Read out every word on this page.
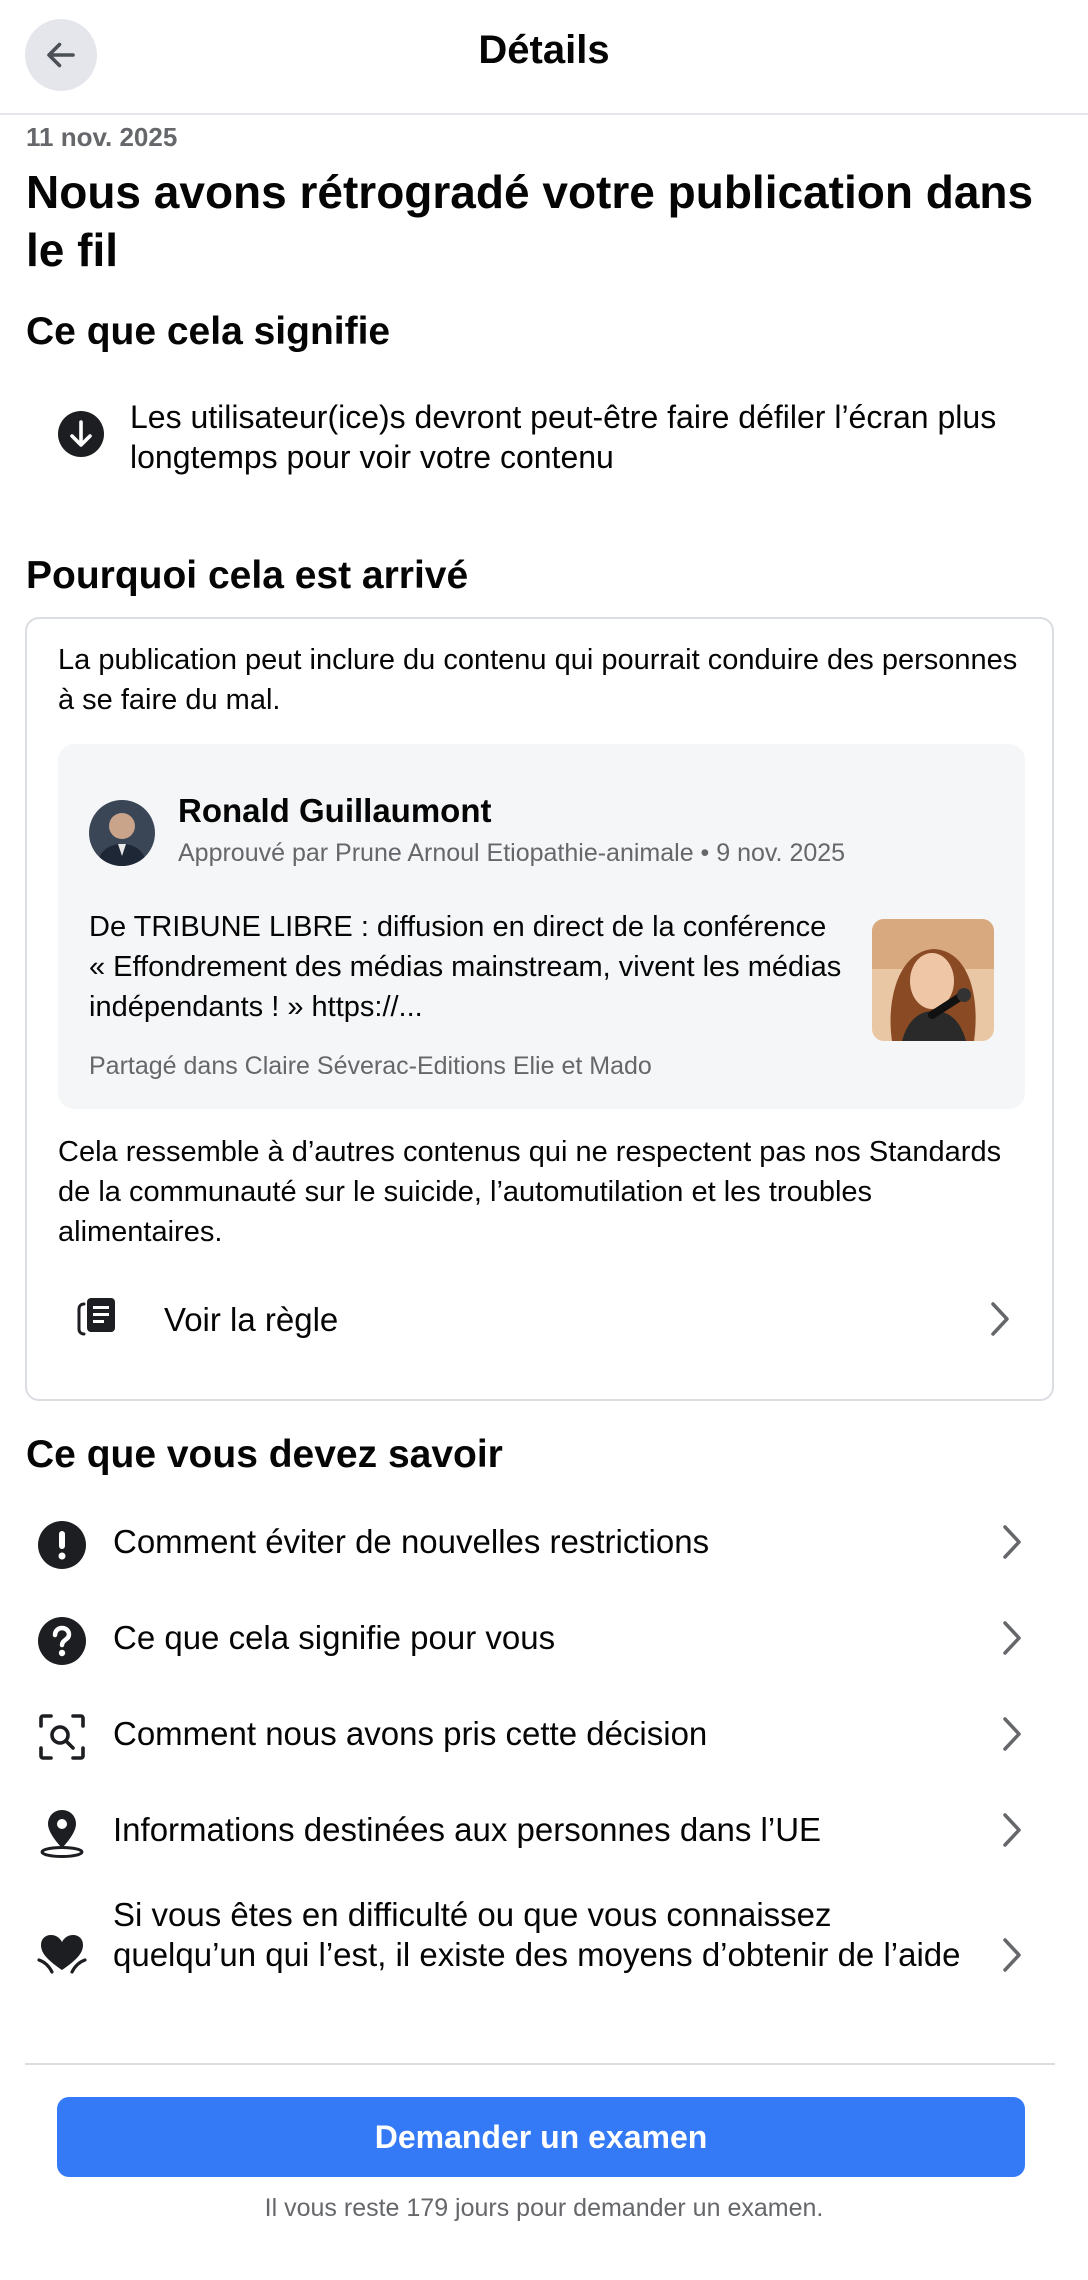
Détails
11 nov. 2025
Nous avons rétrogradé votre publication dans le fil
Ce que cela signifie
Les utilisateur(ice)s devront peut-être faire défiler l’écran plus longtemps pour voir votre contenu
Pourquoi cela est arrivé
La publication peut inclure du contenu qui pourrait conduire des personnes à se faire du mal.
Ronald Guillaumont
Approuvé par Prune Arnoul Etiopathie-animale • 9 nov. 2025
De TRIBUNE LIBRE : diffusion en direct de la conférence « Effondrement des médias mainstream, vivent les médias indépendants ! » https://...
Partagé dans Claire Séverac-Editions Elie et Mado
Cela ressemble à d’autres contenus qui ne respectent pas nos Standards de la communauté sur le suicide, l’automutilation et les troubles alimentaires.
Voir la règle
Ce que vous devez savoir
Comment éviter de nouvelles restrictions
Ce que cela signifie pour vous
Comment nous avons pris cette décision
Informations destinées aux personnes dans l’UE
Si vous êtes en difficulté ou que vous connaissez quelqu’un qui l’est, il existe des moyens d’obtenir de l’aide
Demander un examen
Il vous reste 179 jours pour demander un examen.
